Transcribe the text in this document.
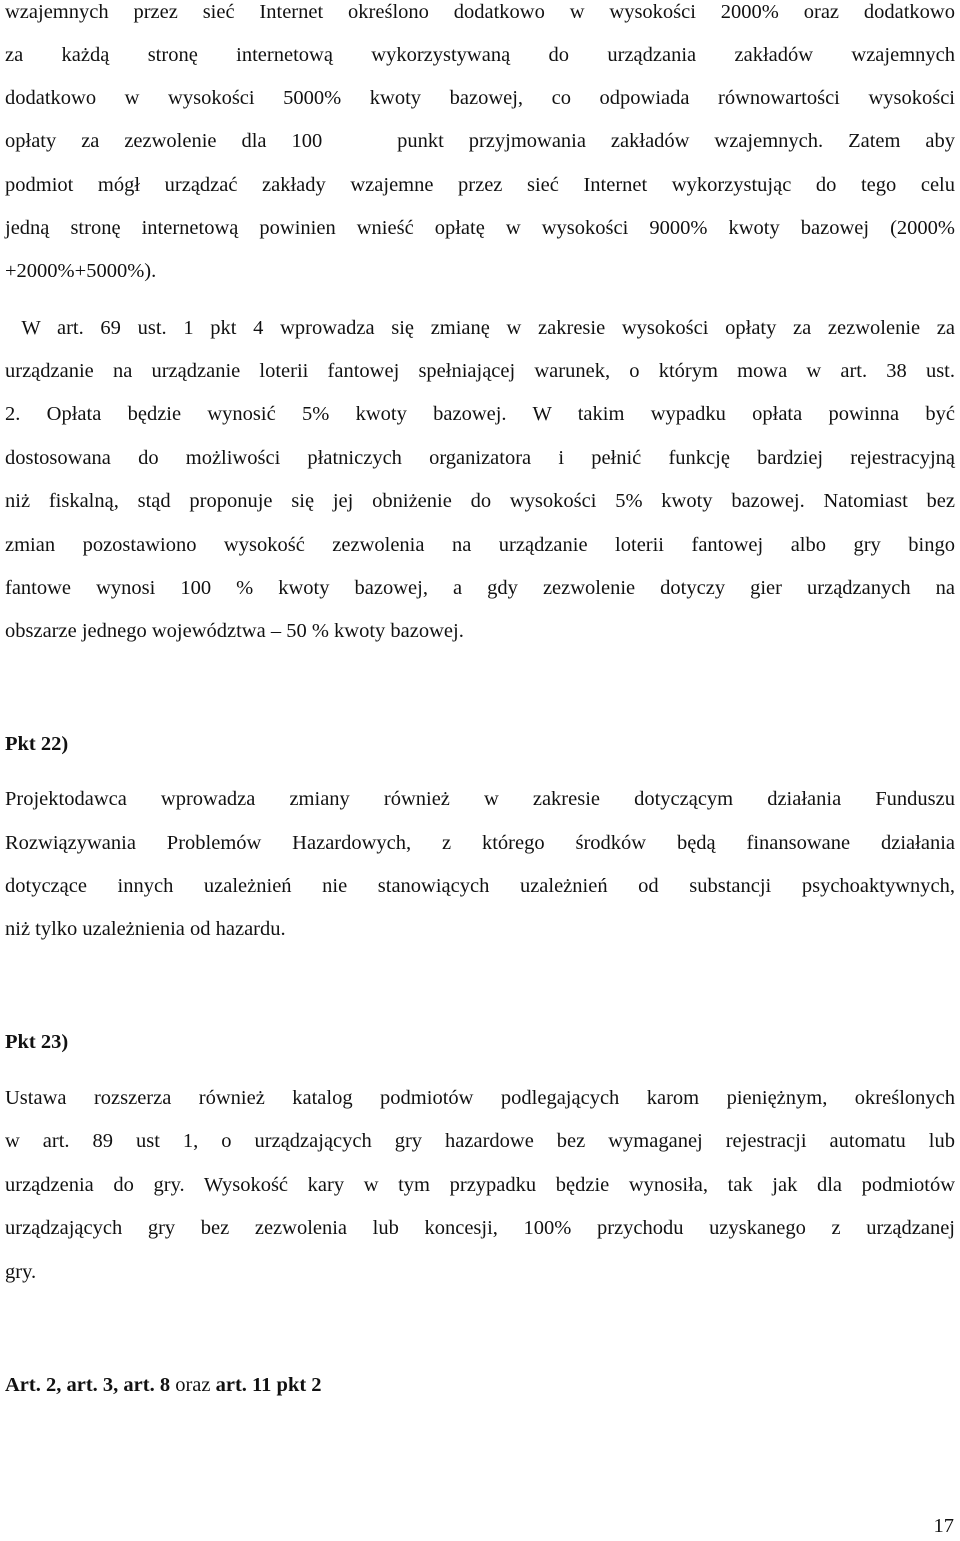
wzajemnych przez sieć Internet określono dodatkowo w wysokości 2000% oraz dodatkowo
za każdą stronę internetową wykorzystywaną do urządzania zakładów wzajemnych
dodatkowo w wysokości 5000% kwoty bazowej, co odpowiada równowartości wysokości
opłaty za zezwolenie dla 100   punkt przyjmowania zakładów wzajemnych. Zatem aby
podmiot mógł urządzać zakłady wzajemne przez sieć Internet wykorzystując do tego celu
jedną stronę internetową powinien wnieść opłatę w wysokości 9000% kwoty bazowej (2000%
+2000%+5000%).
W art. 69 ust. 1 pkt 4 wprowadza się zmianę w zakresie wysokości opłaty za zezwolenie za
urządzanie na urządzanie loterii fantowej spełniającej warunek, o którym mowa w art. 38 ust.
2. Opłata będzie wynosić 5% kwoty bazowej. W takim wypadku opłata powinna być
dostosowana do możliwości płatniczych organizatora i pełnić funkcję bardziej rejestracyjną
niż fiskalną, stąd proponuje się jej obniżenie do wysokości 5% kwoty bazowej. Natomiast bez
zmian pozostawiono wysokość zezwolenia na urządzanie loterii fantowej albo gry bingo
fantowe wynosi 100 % kwoty bazowej, a gdy zezwolenie dotyczy gier urządzanych na
obszarze jednego województwa – 50 % kwoty bazowej.
Pkt 22)
Projektodawca wprowadza zmiany również w zakresie dotyczącym działania Funduszu
Rozwiązywania Problemów Hazardowych, z którego środków będą finansowane działania
dotyczące innych uzależnień nie stanowiących uzależnień od substancji psychoaktywnych,
niż tylko uzależnienia od hazardu.
Pkt 23)
Ustawa rozszerza również katalog podmiotów podlegających karom pieniężnym, określonych
w art. 89 ust 1, o urządzających gry hazardowe bez wymaganej rejestracji automatu lub
urządzenia do gry. Wysokość kary w tym przypadku będzie wynosiła, tak jak dla podmiotów
urządzających gry bez zezwolenia lub koncesji, 100% przychodu uzyskanego z urządzanej
gry.
Art. 2, art. 3, art. 8 oraz art. 11 pkt 2
17
